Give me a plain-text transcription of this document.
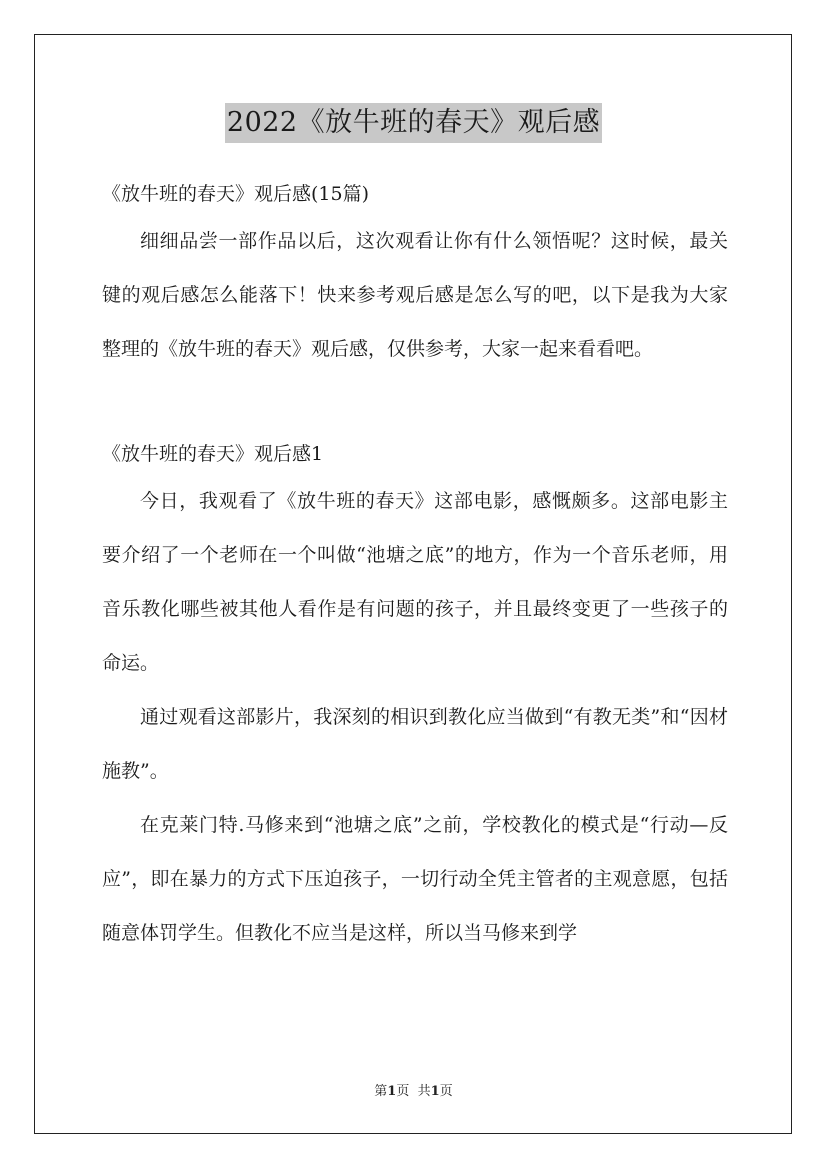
2022《放牛班的春天》观后感

《放牛班的春天》观后感(15篇)

细细品尝一部作品以后，这次观看让你有什么领悟呢？这时候，最关键的观后感怎么能落下！快来参考观后感是怎么写的吧，以下是我为大家整理的《放牛班的春天》观后感，仅供参考，大家一起来看看吧。

《放牛班的春天》观后感1

今日，我观看了《放牛班的春天》这部电影，感慨颇多。这部电影主要介绍了一个老师在一个叫做“池塘之底”的地方，作为一个音乐老师，用音乐教化哪些被其他人看作是有问题的孩子，并且最终变更了一些孩子的命运。

通过观看这部影片，我深刻的相识到教化应当做到“有教无类”和“因材施教”。

在克莱门特.马修来到“池塘之底”之前，学校教化的模式是“行动—反应”，即在暴力的方式下压迫孩子，一切行动全凭主管者的主观意愿，包括随意体罚学生。但教化不应当是这样，所以当马修来到学

第1页 共1页
